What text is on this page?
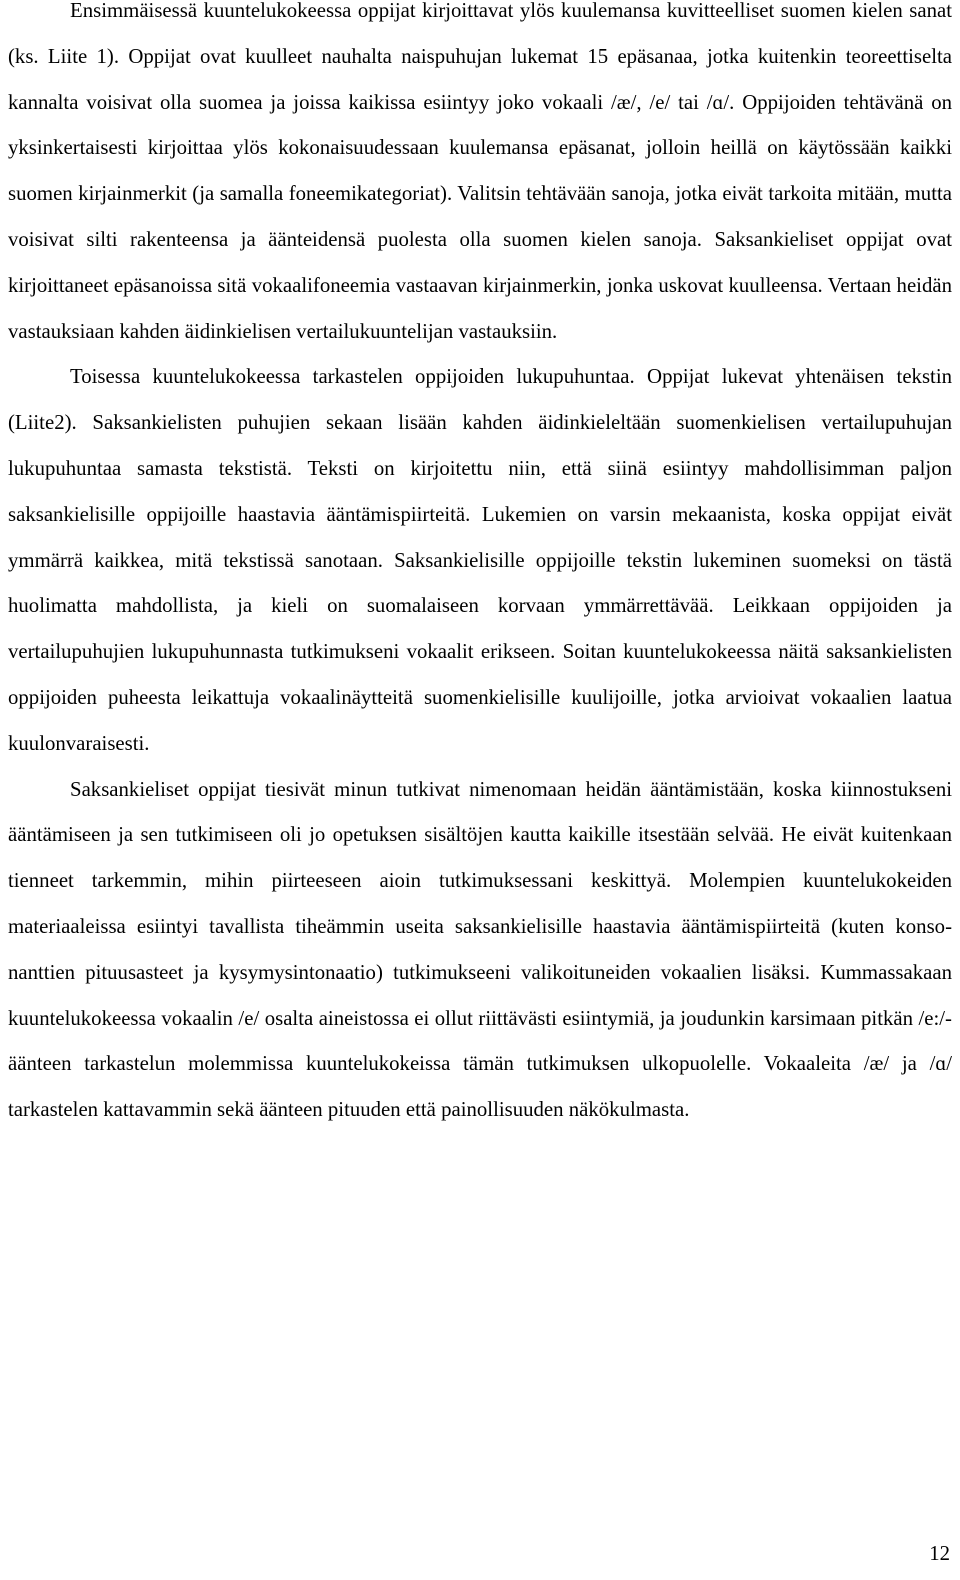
Ensimmäisessä kuuntelukokeessa oppijat kirjoittavat ylös kuulemansa kuvitteelliset suomen kielen sanat (ks. Liite 1). Oppijat ovat kuulleet nauhalta naispuhujan lukemat 15 epäsanaa, jotka kuitenkin teoreettiselta kannalta voisivat olla suomea ja joissa kaikissa esiintyy joko vokaali /æ/, /e/ tai /ɑ/. Oppijoiden tehtävänä on yksinkertaisesti kirjoittaa ylös kokonaisuudessaan kuulemansa epäsanat, jolloin heillä on käytössään kaikki suomen kirjainmerkit (ja samalla foneemikategoriat). Valitsin tehtävään sanoja, jotka eivät tarkoita mitään, mutta voisivat silti rakenteensa ja äänteidensä puolesta olla suomen kielen sanoja. Saksankieliset oppijat ovat kirjoittaneet epäsanoissa sitä vokaalifoneemia vastaavan kirjainmerkin, jonka uskovat kuulleensa. Vertaan heidän vastauksiaan kahden äidinkielisen vertailukuuntelijan vastauksiin.

Toisessa kuuntelukokeessa tarkastelen oppijoiden lukupuhuntaa. Oppijat lukevat yhtenäisen tekstin (Liite2). Saksankielisten puhujien sekaan lisään kahden äidinkieleltään suomenkielisen vertailupuhujan lukupuhuntaa samasta tekstistä. Teksti on kirjoitettu niin, että siinä esiintyy mahdollisimman paljon saksankielisille oppijoille haastavia ääntämispiirteitä. Lukemien on varsin mekaanista, koska oppijat eivät ymmärrä kaikkea, mitä tekstissä sanotaan. Saksankielisille oppijoille tekstin lukeminen suomeksi on tästä huolimatta mahdollista, ja kieli on suomalaiseen korvaan ymmärrettävää. Leikkaan oppijoiden ja vertailupuhujien lukupuhunnasta tutkimukseni vokaalit erikseen. Soitan kuuntelukokeessa näitä saksankielisten oppijoiden puheesta leikattuja vokaalinäytteitä suomenkielisille kuulijoille, jotka arvioivat vokaalien laatua kuulonvaraisesti.

Saksankieliset oppijat tiesivät minun tutkivat nimenomaan heidän ääntämistään, koska kiinnostukseni ääntämiseen ja sen tutkimiseen oli jo opetuksen sisältöjen kautta kaikille itsestään selvää. He eivät kuitenkaan tienneet tarkemmin, mihin piirteeseen aioin tutkimuksessani keskittyä. Molempien kuuntelukokeiden materiaaleissa esiintyi tavallista tiheämmin useita saksankielisille haastavia ääntämispiirteitä (kuten konsonanttien pituusasteet ja kysymysintonaatio) tutkimukseeni valikoituneiden vokaalien lisäksi. Kummassakaan kuuntelukokeessa vokaalin /e/ osalta aineistossa ei ollut riittävästi esiintymiä, ja joudunkin karsimaan pitkän /e:/-äänteen tarkastelun molemmissa kuuntelukokeissa tämän tutkimuksen ulkopuolelle. Vokaaleita /æ/ ja /ɑ/ tarkastelen kattavammin sekä äänteen pituuden että painollisuuden näkökulmasta.

12
